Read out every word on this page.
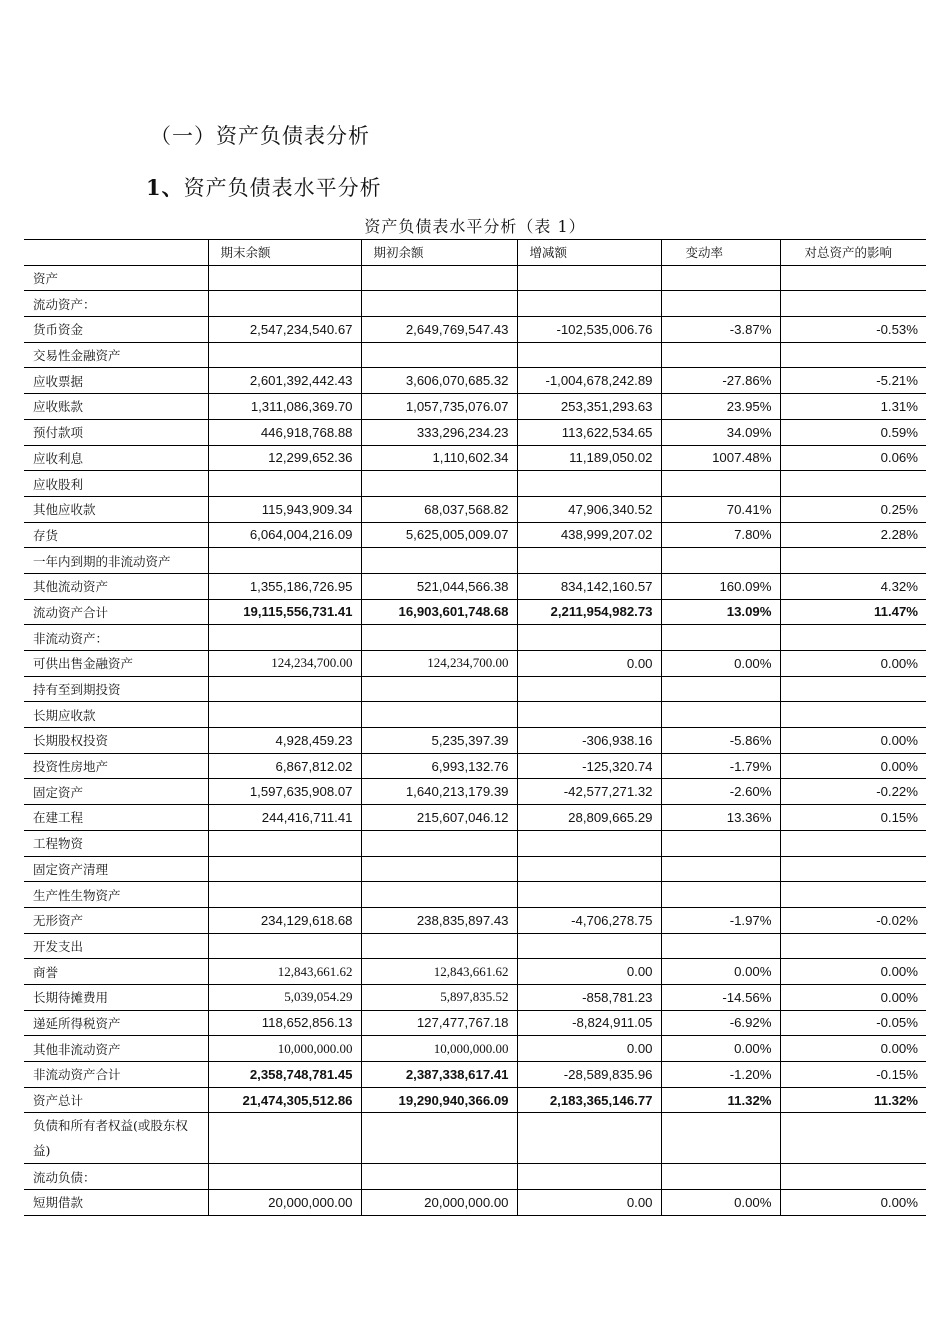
（一）资产负债表分析
1、资产负债表水平分析
资产负债表水平分析（表 1）
	期末余额	期初余额	增减额	变动率	对总资产的影响
资产					
流动资产：					
货币资金	2,547,234,540.67	2,649,769,547.43	-102,535,006.76	-3.87%	-0.53%
交易性金融资产					
应收票据	2,601,392,442.43	3,606,070,685.32	-1,004,678,242.89	-27.86%	-5.21%
应收账款	1,311,086,369.70	1,057,735,076.07	253,351,293.63	23.95%	1.31%
预付款项	446,918,768.88	333,296,234.23	113,622,534.65	34.09%	0.59%
应收利息	12,299,652.36	1,110,602.34	11,189,050.02	1007.48%	0.06%
应收股利					
其他应收款	115,943,909.34	68,037,568.82	47,906,340.52	70.41%	0.25%
存货	6,064,004,216.09	5,625,005,009.07	438,999,207.02	7.80%	2.28%
一年内到期的非流动资产					
其他流动资产	1,355,186,726.95	521,044,566.38	834,142,160.57	160.09%	4.32%
流动资产合计	19,115,556,731.41	16,903,601,748.68	2,211,954,982.73	13.09%	11.47%
非流动资产：					
可供出售金融资产	124,234,700.00	124,234,700.00	0.00	0.00%	0.00%
持有至到期投资					
长期应收款					
长期股权投资	4,928,459.23	5,235,397.39	-306,938.16	-5.86%	0.00%
投资性房地产	6,867,812.02	6,993,132.76	-125,320.74	-1.79%	0.00%
固定资产	1,597,635,908.07	1,640,213,179.39	-42,577,271.32	-2.60%	-0.22%
在建工程	244,416,711.41	215,607,046.12	28,809,665.29	13.36%	0.15%
工程物资					
固定资产清理					
生产性生物资产					
无形资产	234,129,618.68	238,835,897.43	-4,706,278.75	-1.97%	-0.02%
开发支出					
商誉	12,843,661.62	12,843,661.62	0.00	0.00%	0.00%
长期待摊费用	5,039,054.29	5,897,835.52	-858,781.23	-14.56%	0.00%
递延所得税资产	118,652,856.13	127,477,767.18	-8,824,911.05	-6.92%	-0.05%
其他非流动资产	10,000,000.00	10,000,000.00	0.00	0.00%	0.00%
非流动资产合计	2,358,748,781.45	2,387,338,617.41	-28,589,835.96	-1.20%	-0.15%
资产总计	21,474,305,512.86	19,290,940,366.09	2,183,365,146.77	11.32%	11.32%
负债和所有者权益(或股东权益)					
流动负债：					
短期借款	20,000,000.00	20,000,000.00	0.00	0.00%	0.00%
